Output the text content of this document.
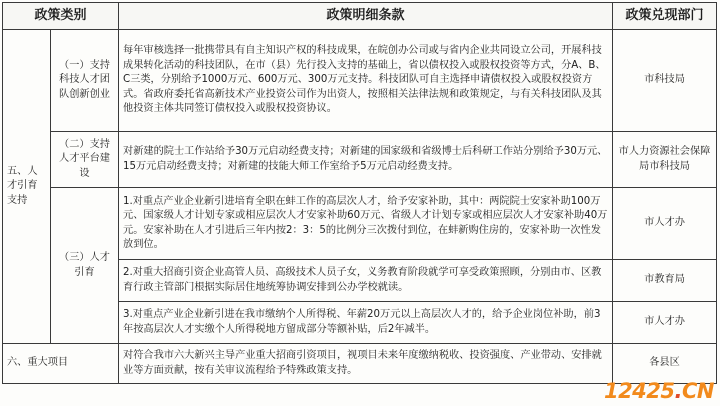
政策类别		政策明细条款	政策兑现部门
五、人才引育支持	（一）支持科技人才团队创新创业	每年审核选择一批携带具有自主知识产权的科技成果，在皖创办公司或与省内企业共同设立公司，开展科技成果转化活动的科技团队，在市（县）先行投入支持的基础上，省以债权投入或股权投资等方式，分A、B、C三类，分别给予1000万元、600万元、300万元支持。科技团队可自主选择申请债权投入或股权投资方式。省政府委托省高新技术产业投资公司作为出资人，按照相关法律法规和政策规定，与有关科技团队及其他投资主体共同签订债权投入或股权投资协议。	市科技局
	（二）支持人才平台建设	对新建的院士工作站给予30万元启动经费支持；对新建的国家级和省级博士后科研工作站分别给予30万元、15万元启动经费支持；对新建的技能大师工作室给予5万元启动经费支持。	市人力资源社会保障局市科技局
	（三）人才引育	1.对重点产业企业新引进培育全职在蚌工作的高层次人才，给予安家补助，其中：两院院士安家补助100万元、国家级人才计划专家或相应层次人才安家补助60万元、省级人才计划专家或相应层次人才安家补助40万元。安家补助在人才引进后三年内按2：3：5的比例分三次拨付到位，在蚌新购住房的，安家补助一次性发放到位。	市人才办
		2.对重大招商引资企业高管人员、高级技术人员子女，义务教育阶段就学可享受政策照顾，分别由市、区教育行政主管部门根据实际居住地统筹协调安排到公办学校就读。	市教育局
		3.对重点产业企业新引进在我市缴纳个人所得税、年薪20万元以上高层次人才的，给予企业岗位补助，前3年按高层次人才实缴个人所得税地方留成部分等额补贴，后2年减半。	市人才办
六、重大项目		对符合我市六大新兴主导产业重大招商引资项目，视项目未来年度缴纳税收、投资强度、产业带动、安排就业等方面贡献，按有关审议流程给予特殊政策支持。	各县区
12425.CN
